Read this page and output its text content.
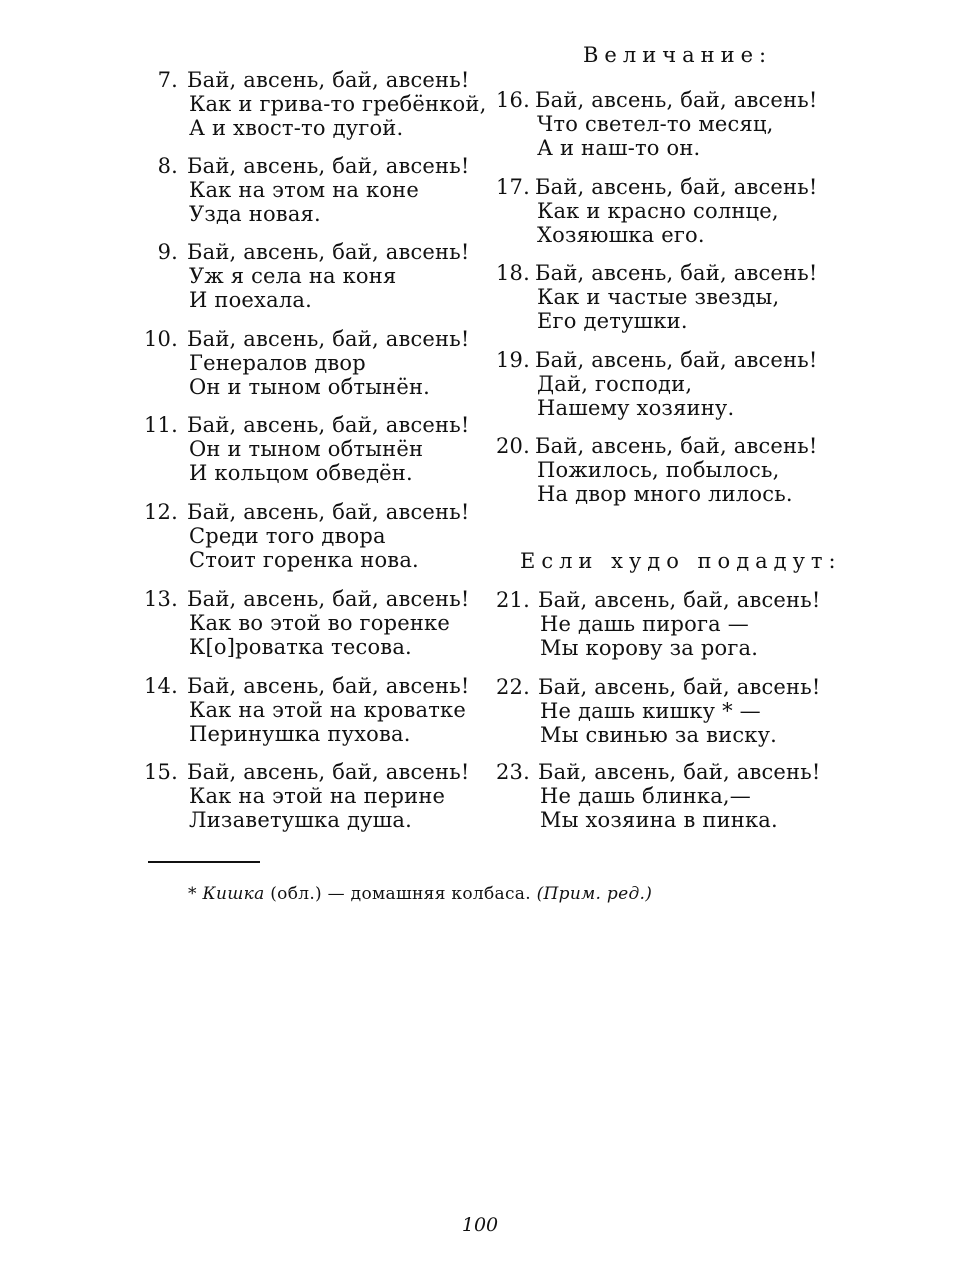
7. Бай, авсень, бай, авсень!
Как и грива-то гребёнкой,
А и хвост-то дугой.
8. Бай, авсень, бай, авсень!
Как на этом на коне
Узда новая.
9. Бай, авсень, бай, авсень!
Уж я села на коня
И поехала.
10. Бай, авсень, бай, авсень!
Генералов двор
Он и тыном обтынён.
11. Бай, авсень, бай, авсень!
Он и тыном обтынён
И кольцом обведён.
12. Бай, авсень, бай, авсень!
Среди того двора
Стоит горенка нова.
13. Бай, авсень, бай, авсень!
Как во этой во горенке
К[о]роватка тесова.
14. Бай, авсень, бай, авсень!
Как на этой на кроватке
Перинушка пухова.
15. Бай, авсень, бай, авсень!
Как на этой на перине
Лизаветушка душа.
Величание:
Если худо подадут:
16. Бай, авсень, бай, авсень!
Что светел-то месяц,
А и наш-то он.
17. Бай, авсень, бай, авсень!
Как и красно солнце,
Хозяюшка его.
18. Бай, авсень, бай, авсень!
Как и частые звезды,
Его детушки.
19. Бай, авсень, бай, авсень!
Дай, господи,
Нашему хозяину.
20. Бай, авсень, бай, авсень!
Пожилось, побылось,
На двор много лилось.
21. Бай, авсень, бай, авсень!
Не дашь пирога —
Мы корову за рога.
22. Бай, авсень, бай, авсень!
Не дашь кишку * —
Мы свинью за виску.
23. Бай, авсень, бай, авсень!
Не дашь блинка,—
Мы хозяина в пинка.
* Кишка (обл.) — домашняя колбаса. (Прим. ред.)
100
